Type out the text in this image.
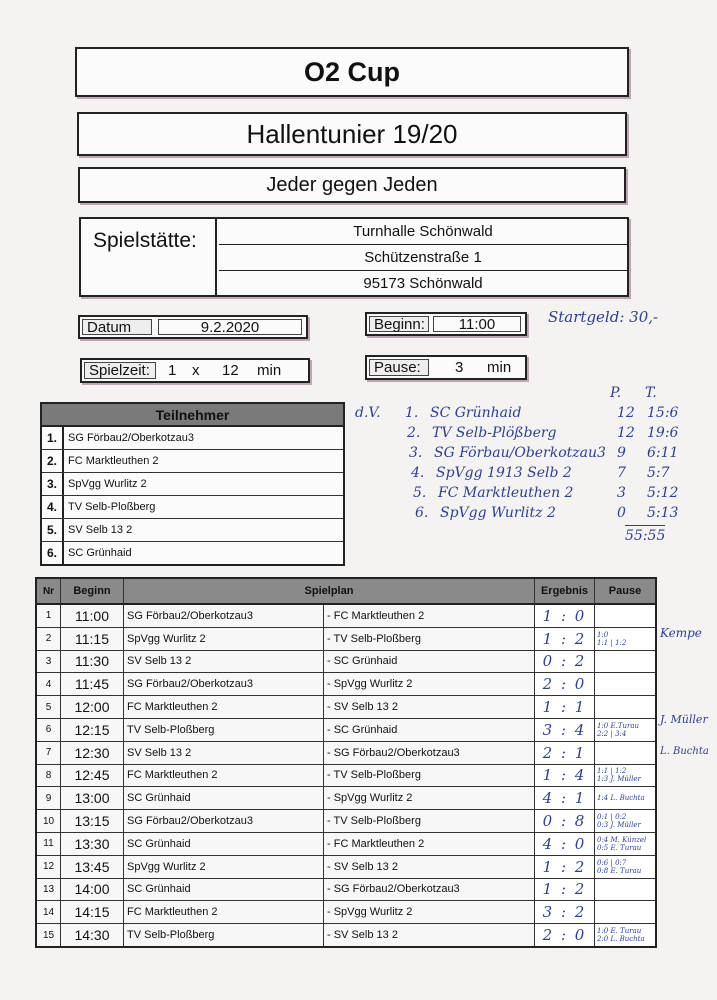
O2 Cup
Hallentunier 19/20
Jeder gegen Jeden
Spielstätte:	Turnhalle Schönwald
Schützenstraße 1
95173 Schönwald
Datum	9.2.2020	Beginn:	11:00
Spielzeit:	1 x 12 min	Pause:	3 min
Startgeld: 30,-
Teilnehmer
1.	SG Förbau2/Oberkotzau3
2.	FC Marktleuthen 2
3.	SpVgg Wurlitz 2
4.	TV Selb-Ploßberg
5.	SV Selb 13 2
6.	SC Grünhaid
d.V.
P. T.
1. SC Grünhaid	12 15:6
2. TV Selb-Plößberg	12 19:6
3. SG Förbau/Oberkotzau3 9 6:11
4. SpVgg 1913 Selb 2	7 5:7
5. FC Marktleuthen 2	3 5:12
6. SpVgg Wurlitz 2	0 5:13
55:55
Nr	Beginn	Spielplan	Ergebnis	Pause
1	11:00	SG Förbau2/Oberkotzau3	- FC Marktleuthen 2	1 : 0
2	11:15	SpVgg Wurlitz 2	- TV Selb-Ploßberg	1 : 2	1:0
1:1 | 1:2
3	11:30	SV Selb 13 2	- SC Grünhaid	0 : 2
4	11:45	SG Förbau2/Oberkotzau3	- SpVgg Wurlitz 2	2 : 0
5	12:00	FC Marktleuthen 2	- SV Selb 13 2	1 : 1
6	12:15	TV Selb-Ploßberg	- SC Grünhaid	3 : 4	1:0 E.Turau
2:2 | 3:4
7	12:30	SV Selb 13 2	- SG Förbau2/Oberkotzau3	2 : 1
8	12:45	FC Marktleuthen 2	- TV Selb-Ploßberg	1 : 4	1:1 | 1:2
1:3 J. Müller
9	13:00	SC Grünhaid	- SpVgg Wurlitz 2	4 : 1	1:4 L. Buchta
10	13:15	SG Förbau2/Oberkotzau3	- TV Selb-Ploßberg	0 : 8	0:1 | 0:2
0:3 J. Müller
11	13:30	SC Grünhaid	- FC Marktleuthen 2	4 : 0	0:4 M. Künzel
0:5 E. Turau
12	13:45	SpVgg Wurlitz 2	- SV Selb 13 2	1 : 2	0:6 | 0:7
0:8 E. Turau
13	14:00	SC Grünhaid	- SG Förbau2/Oberkotzau3	1 : 2
14	14:15	FC Marktleuthen 2	- SpVgg Wurlitz 2	3 : 2
15	14:30	TV Selb-Ploßberg	- SV Selb 13 2	2 : 0	1:0 E. Turau
2:0 L. Buchta
Kempe
J. Müller
L. Buchta
